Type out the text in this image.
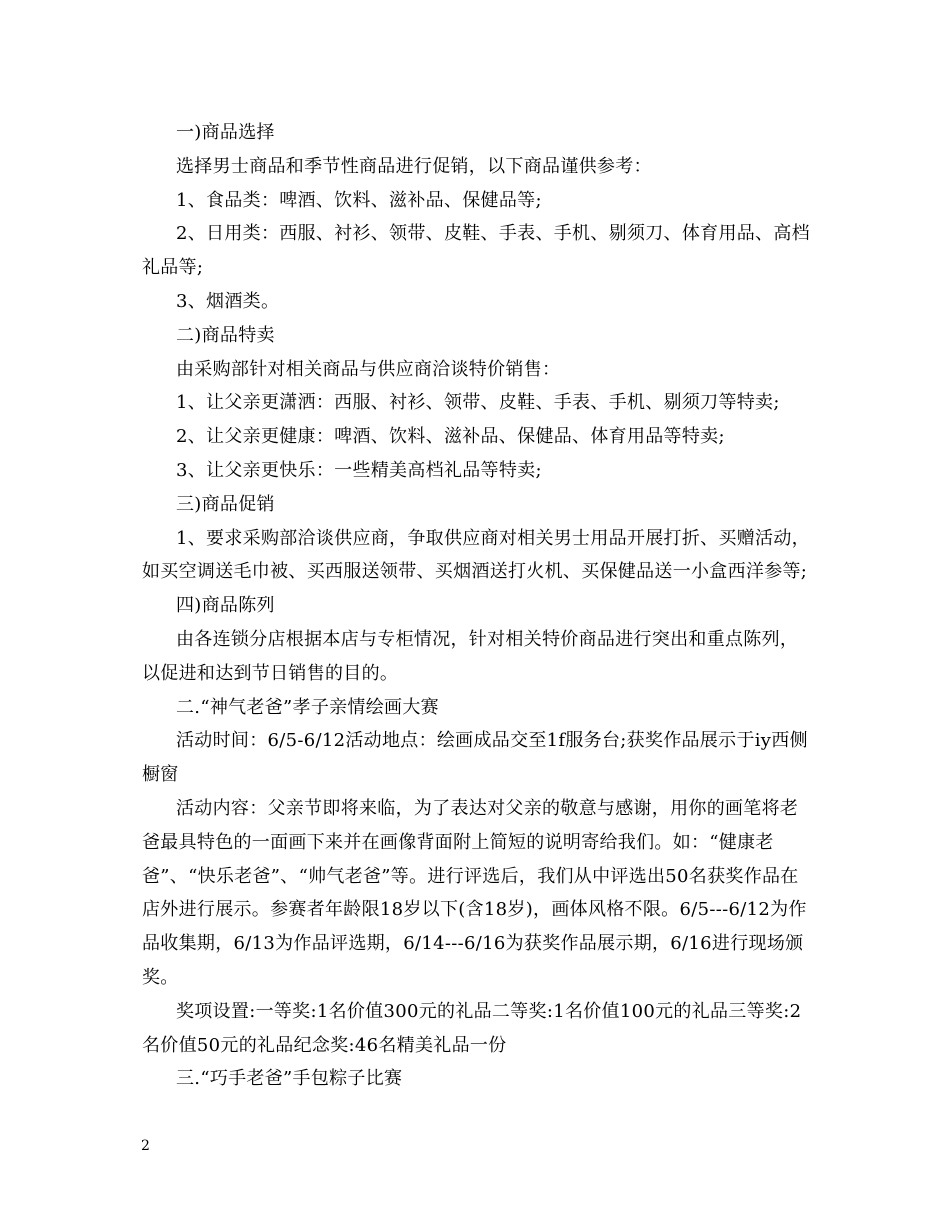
一)商品选择

选择男士商品和季节性商品进行促销，以下商品谨供参考：

1、食品类：啤酒、饮料、滋补品、保健品等;

2、日用类：西服、衬衫、领带、皮鞋、手表、手机、剔须刀、体育用品、高档礼品等;

3、烟酒类。

二)商品特卖

由采购部针对相关商品与供应商洽谈特价销售：

1、让父亲更潇洒：西服、衬衫、领带、皮鞋、手表、手机、剔须刀等特卖;

2、让父亲更健康：啤酒、饮料、滋补品、保健品、体育用品等特卖;

3、让父亲更快乐：一些精美高档礼品等特卖;

三)商品促销

1、要求采购部洽谈供应商，争取供应商对相关男士用品开展打折、买赠活动，如买空调送毛巾被、买西服送领带、买烟酒送打火机、买保健品送一小盒西洋参等;

四)商品陈列

由各连锁分店根据本店与专柜情况，针对相关特价商品进行突出和重点陈列，以促进和达到节日销售的目的。

二.“神气老爸”孝子亲情绘画大赛

活动时间：6/5-6/12活动地点：绘画成品交至1f服务台;获奖作品展示于iy西侧橱窗

活动内容：父亲节即将来临，为了表达对父亲的敬意与感谢，用你的画笔将老爸最具特色的一面画下来并在画像背面附上简短的说明寄给我们。如：“健康老爸”、“快乐老爸”、“帅气老爸”等。进行评选后，我们从中评选出50名获奖作品在店外进行展示。参赛者年龄限18岁以下(含18岁)，画体风格不限。6/5---6/12为作品收集期，6/13为作品评选期，6/14---6/16为获奖作品展示期，6/16进行现场颁奖。

奖项设置:一等奖:1名价值300元的礼品二等奖:1名价值100元的礼品三等奖:2名价值50元的礼品纪念奖:46名精美礼品一份

三.“巧手老爸”手包粽子比赛

2
